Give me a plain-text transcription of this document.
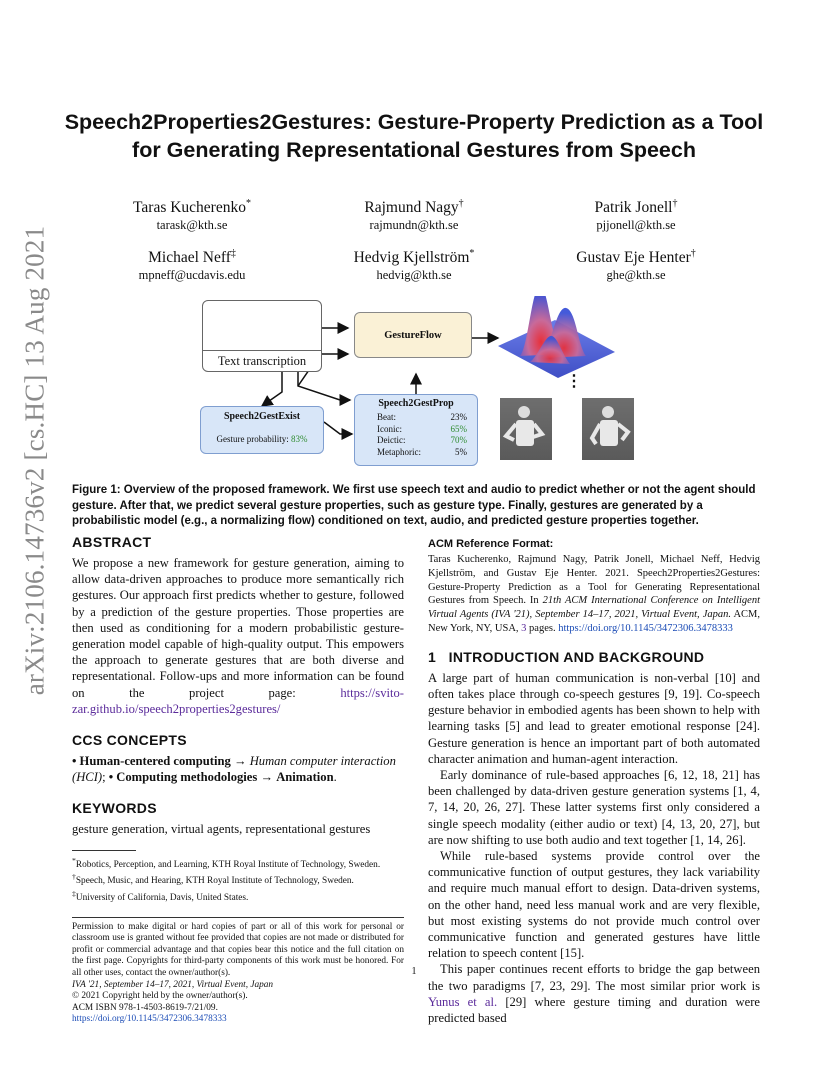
arXiv:2106.14736v2 [cs.HC] 13 Aug 2021
Speech2Properties2Gestures: Gesture-Property Prediction as a Tool for Generating Representational Gestures from Speech
Taras Kucherenko*
tarask@kth.se
Rajmund Nagy†
rajmundn@kth.se
Patrik Jonell†
pjjonell@kth.se
Michael Neff‡
mpneff@ucdavis.edu
Hedvig Kjellström*
hedvig@kth.se
Gustav Eje Henter†
ghe@kth.se
Text transcription
GestureFlow
Speech2GestExist
Gesture probability: 83%
Speech2GestProp
Beat:	23%
Iconic:	65%
Deictic:	70%
Metaphoric:	5%
⋮

Figure 1: Overview of the proposed framework. We first use speech text and audio to predict whether or not the agent should gesture. After that, we predict several gesture properties, such as gesture type. Finally, gestures are generated by a probabilistic model (e.g., a normalizing flow) conditioned on text, audio, and predicted gesture properties together.

ABSTRACT

We propose a new framework for gesture generation, aiming to allow data-driven approaches to produce more semantically rich gestures. Our approach first predicts whether to gesture, followed by a prediction of the gesture properties. Those properties are then used as conditioning for a modern probabilistic gesture-generation model capable of high-quality output. This empowers the approach to generate gestures that are both diverse and representational. Follow-ups and more information can be found on the project page:	https://svito-zar.github.io/speech2properties2gestures/

CCS CONCEPTS

• Human-centered computing → Human computer interaction (HCI); • Computing methodologies → Animation.

KEYWORDS

gesture generation, virtual agents, representational gestures

*Robotics, Perception, and Learning, KTH Royal Institute of Technology, Sweden.

†Speech, Music, and Hearing, KTH Royal Institute of Technology, Sweden.

‡University of California, Davis, United States.

Permission to make digital or hard copies of part or all of this work for personal or classroom use is granted without fee provided that copies are not made or distributed for profit or commercial advantage and that copies bear this notice and the full citation on the first page. Copyrights for third-party components of this work must be honored. For all other uses, contact the owner/author(s).

IVA '21, September 14–17, 2021, Virtual Event, Japan

© 2021 Copyright held by the owner/author(s).

ACM ISBN 978-1-4503-8619-7/21/09.

https://doi.org/10.1145/3472306.3478333

ACM Reference Format:

Taras Kucherenko, Rajmund Nagy, Patrik Jonell, Michael Neff, Hedvig Kjellström, and Gustav Eje Henter. 2021. Speech2Properties2Gestures: Gesture-Property Prediction as a Tool for Generating Representational Gestures from Speech. In 21th ACM International Conference on Intelligent Virtual Agents (IVA '21), September 14–17, 2021, Virtual Event, Japan. ACM, New York, NY, USA, 3 pages. https://doi.org/10.1145/3472306.3478333

1   INTRODUCTION AND BACKGROUND

A large part of human communication is non-verbal [10] and often takes place through co-speech gestures [9, 19]. Co-speech gesture behavior in embodied agents has been shown to help with learning tasks [5] and lead to greater emotional response [24]. Gesture generation is hence an important part of both automated character animation and human-agent interaction.

Early dominance of rule-based approaches [6, 12, 18, 21] has been challenged by data-driven gesture generation systems [1, 4, 7, 14, 20, 26, 27]. These latter systems first only considered a single speech modality (either audio or text) [4, 13, 20, 27], but are now shifting to use both audio and text together [1, 14, 26].

While rule-based systems provide control over the communicative function of output gestures, they lack variability and require much manual effort to design. Data-driven systems, on the other hand, need less manual work and are very flexible, but most existing systems do not provide much control over communicative function and generated gestures have little relation to speech content [15].

This paper continues recent efforts to bridge the gap between the two paradigms [7, 23, 29]. The most similar prior work is Yunus et al. [29] where gesture timing and duration were predicted based

1
